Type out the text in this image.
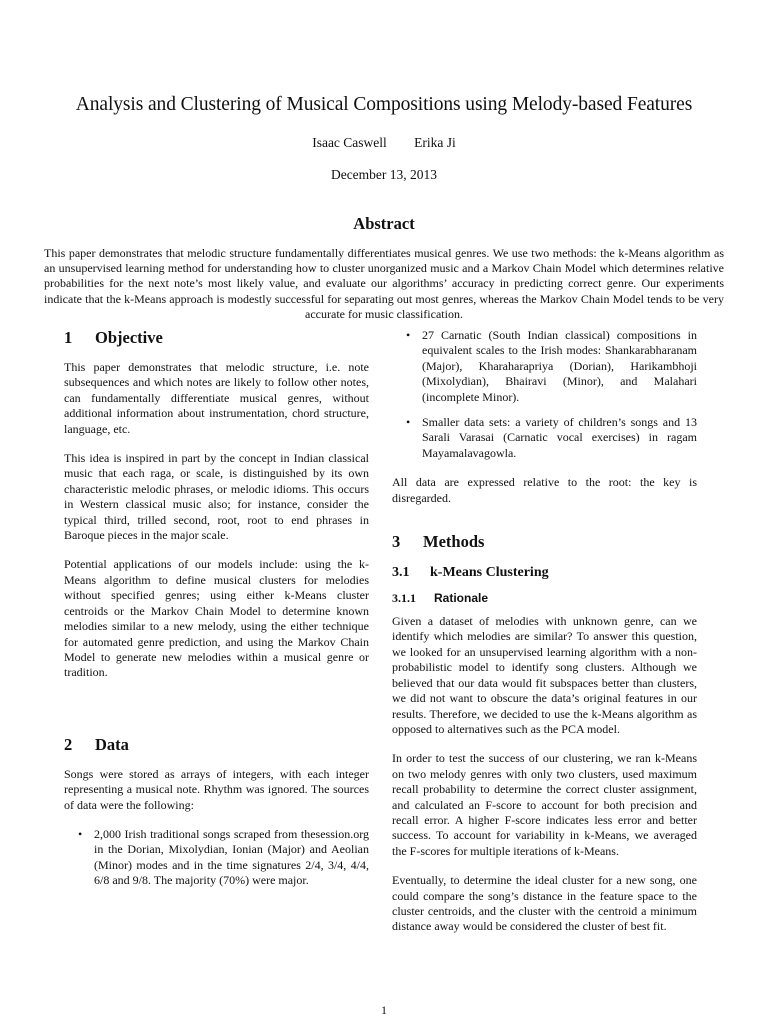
Analysis and Clustering of Musical Compositions using Melody-based Features
Isaac Caswell Erika Ji
December 13, 2013
Abstract
This paper demonstrates that melodic structure fundamentally differentiates musical genres. We use two methods: the k-Means algorithm as an unsupervised learning method for understanding how to cluster unorganized music and a Markov Chain Model which determines relative probabilities for the next note’s most likely value, and evaluate our algorithms’ accuracy in predicting correct genre. Our experiments indicate that the k-Means approach is modestly successful for separating out most genres, whereas the Markov Chain Model tends to be very accurate for music classification.
1 Objective

This paper demonstrates that melodic structure, i.e. note subsequences and which notes are likely to follow other notes, can fundamentally differentiate musical genres, without additional information about instrumentation, chord structure, language, etc.

This idea is inspired in part by the concept in Indian classical music that each raga, or scale, is distinguished by its own characteristic melodic phrases, or melodic idioms. This occurs in Western classical music also; for instance, consider the typical third, trilled second, root, root to end phrases in Baroque pieces in the major scale.

Potential applications of our models include: using the k-Means algorithm to define musical clusters for melodies without specified genres; using either k-Means cluster centroids or the Markov Chain Model to determine known melodies similar to a new melody, using the either technique for automated genre prediction, and using the Markov Chain Model to generate new melodies within a musical genre or tradition.

2 Data

Songs were stored as arrays of integers, with each integer representing a musical note. Rhythm was ignored. The sources of data were the following:

• 2,000 Irish traditional songs scraped from thesession.org in the Dorian, Mixolydian, Ionian (Major) and Aeolian (Minor) modes and in the time signatures 2/4, 3/4, 4/4, 6/8 and 9/8. The majority (70%) were major.
• 27 Carnatic (South Indian classical) compositions in equivalent scales to the Irish modes: Shankarabharanam (Major), Kharaharapriya (Dorian), Harikambhoji (Mixolydian), Bhairavi (Minor), and Malahari (incomplete Minor).
• Smaller data sets: a variety of children’s songs and 13 Sarali Varasai (Carnatic vocal exercises) in ragam Mayamalavagowla.

All data are expressed relative to the root: the key is disregarded.

3 Methods
3.1 k-Means Clustering
3.1.1 Rationale

Given a dataset of melodies with unknown genre, can we identify which melodies are similar? To answer this question, we looked for an unsupervised learning algorithm with a non-probabilistic model to identify song clusters. Although we believed that our data would fit subspaces better than clusters, we did not want to obscure the data’s original features in our results. Therefore, we decided to use the k-Means algorithm as opposed to alternatives such as the PCA model.

In order to test the success of our clustering, we ran k-Means on two melody genres with only two clusters, used maximum recall probability to determine the correct cluster assignment, and calculated an F-score to account for both precision and recall error. A higher F-score indicates less error and better success. To account for variability in k-Means, we averaged the F-scores for multiple iterations of k-Means.

Eventually, to determine the ideal cluster for a new song, one could compare the song’s distance in the feature space to the cluster centroids, and the cluster with the centroid a minimum distance away would be considered the cluster of best fit.

1
